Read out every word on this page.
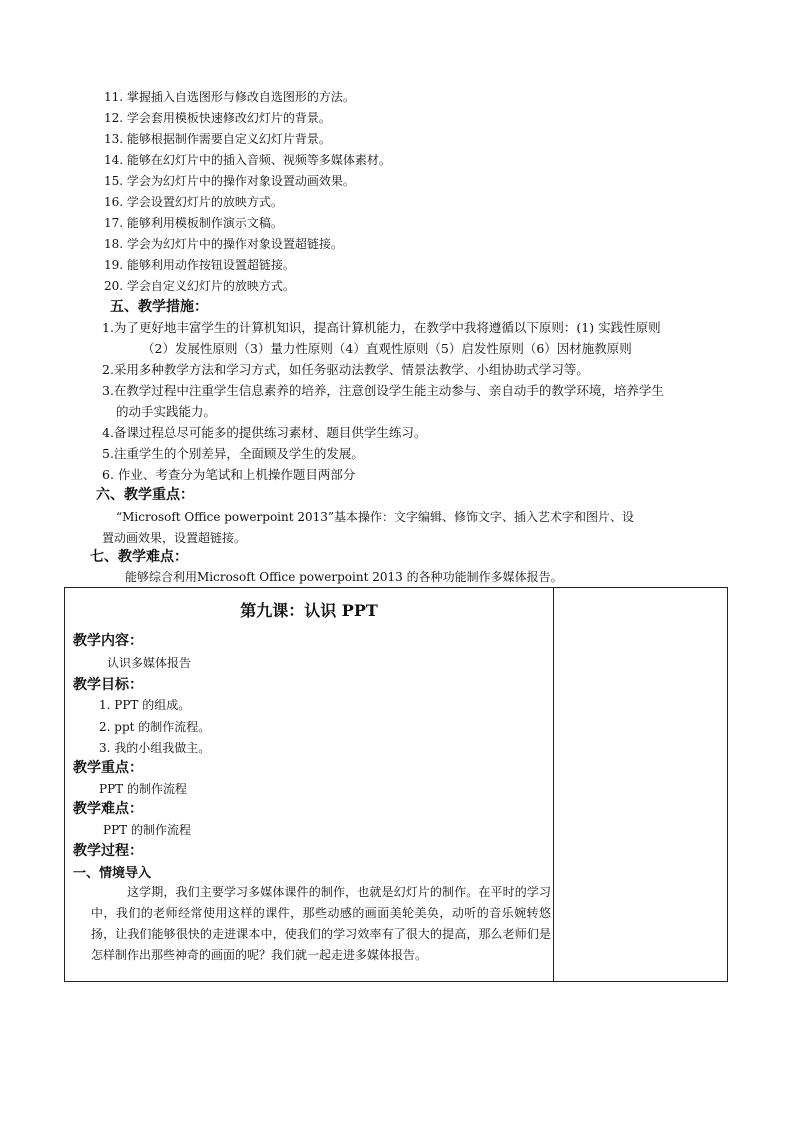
11. 掌握插入自选图形与修改自选图形的方法。
12. 学会套用模板快速修改幻灯片的背景。
13. 能够根据制作需要自定义幻灯片背景。
14. 能够在幻灯片中的插入音频、视频等多媒体素材。
15. 学会为幻灯片中的操作对象设置动画效果。
16. 学会设置幻灯片的放映方式。
17. 能够利用模板制作演示文稿。
18. 学会为幻灯片中的操作对象设置超链接。
19. 能够利用动作按钮设置超链接。
20. 学会自定义幻灯片的放映方式。
五、教学措施：
1.为了更好地丰富学生的计算机知识，提高计算机能力，在教学中我将遵循以下原则：(1) 实践性原则
（2）发展性原则（3）量力性原则（4）直观性原则（5）启发性原则（6）因材施教原则
2.采用多种教学方法和学习方式，如任务驱动法教学、情景法教学、小组协助式学习等。
3.在教学过程中注重学生信息素养的培养，注意创设学生能主动参与、亲自动手的教学环境，培养学生
的动手实践能力。
4.备课过程总尽可能多的提供练习素材、题目供学生练习。
5.注重学生的个别差异，全面顾及学生的发展。
6. 作业、考查分为笔试和上机操作题目两部分
六、教学重点：
“Microsoft Office powerpoint 2013”基本操作：文字编辑、修饰文字、插入艺术字和图片、设
置动画效果，设置超链接。
七、教学难点：
能够综合利用Microsoft Office powerpoint 2013 的各种功能制作多媒体报告。
第九课：认识 PPT
教学内容：
认识多媒体报告
教学目标：
1. PPT 的组成。
2. ppt 的制作流程。
3. 我的小组我做主。
教学重点：
PPT 的制作流程
教学难点：
PPT 的制作流程
教学过程：
一、情境导入
这学期，我们主要学习多媒体课件的制作，也就是幻灯片的制作。在平时的学习中，我们的老师经常使用这样的课件，那些动感的画面美轮美奂，动听的音乐婉转悠扬，让我们能够很快的走进课本中，使我们的学习效率有了很大的提高，那么老师们是怎样制作出那些神奇的画面的呢？我们就一起走进多媒体报告。
